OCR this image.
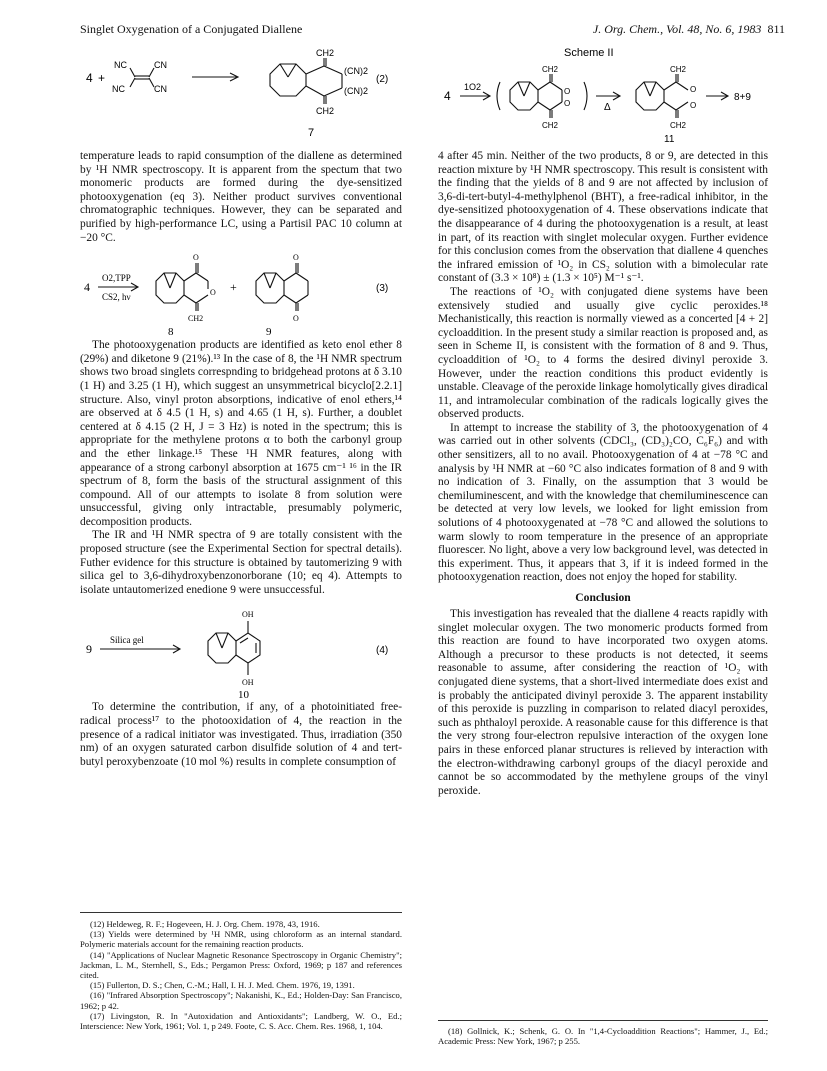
Singlet Oxygenation of a Conjugated Diallene	J. Org. Chem., Vol. 48, No. 6, 1983 811
4 +
NC	CN
NC	CN
CH2
(CN)2
(CN)2
CH2
(2)
7
Scheme II
4
1O2
CH2
O
O
CH2
Δ
CH2
O
O
CH2
8+9
11

temperature leads to rapid consumption of the diallene as determined by ¹H NMR spectroscopy. It is apparent from the spectum that two monomeric products are formed during the dye-sensitized photooxygenation (eq 3). Neither product survives conventional chromatographic techniques. However, they can be separated and purified by high-performance LC, using a Partisil PAC 10 column at −20 °C.

4
O2,TPP
CS2, hν
O
O
CH2
+
O
O
8	9
(3)

The photooxygenation products are identified as keto enol ether 8 (29%) and diketone 9 (21%).¹³ In the case of 8, the ¹H NMR spectrum shows two broad singlets correspnding to bridgehead protons at δ 3.10 (1 H) and 3.25 (1 H), which suggest an unsymmetrical bicyclo[2.2.1] structure. Also, vinyl proton absorptions, indicative of enol ethers,¹⁴ are observed at δ 4.5 (1 H, s) and 4.65 (1 H, s). Further, a doublet centered at δ 4.15 (2 H, J = 3 Hz) is noted in the spectrum; this is appropriate for the methylene protons α to both the carbonyl group and the ether linkage.¹⁵ These ¹H NMR features, along with appearance of a strong carbonyl absorption at 1675 cm⁻¹ ¹⁶ in the IR spectrum of 8, form the basis of the structural assignment of this compound. All of our attempts to isolate 8 from solution were unsuccessful, giving only intractable, presumably polymeric, decomposition products.

The IR and ¹H NMR spectra of 9 are totally consistent with the proposed structure (see the Experimental Section for spectral details). Futher evidence for this structure is obtained by tautomerizing 9 with silica gel to 3,6-dihydroxybenzonorborane (10; eq 4). Attempts to isolate untautomerized enedione 9 were unsuccessful.

9
Silica gel
OH
OH
(4)
10

To determine the contribution, if any, of a photoinitiated free-radical process¹⁷ to the photooxidation of 4, the reaction in the presence of a radical initiator was investigated. Thus, irradiation (350 nm) of an oxygen saturated carbon disulfide solution of 4 and tert-butyl peroxybenzoate (10 mol %) results in complete consumption of

(12) Heldeweg, R. F.; Hogeveen, H. J. Org. Chem. 1978, 43, 1916.

(13) Yields were determined by ¹H NMR, using chloroform as an internal standard. Polymeric materials account for the remaining reaction products.

(14) "Applications of Nuclear Magnetic Resonance Spectroscopy in Organic Chemistry"; Jackman, L. M., Sternhell, S., Eds.; Pergamon Press: Oxford, 1969; p 187 and references cited.

(15) Fullerton, D. S.; Chen, C.-M.; Hall, I. H. J. Med. Chem. 1976, 19, 1391.

(16) "Infrared Absorption Spectroscopy"; Nakanishi, K., Ed.; Holden-Day: San Francisco, 1962; p 42.

(17) Livingston, R. In "Autoxidation and Antioxidants"; Landberg, W. O., Ed.; Interscience: New York, 1961; Vol. 1, p 249. Foote, C. S. Acc. Chem. Res. 1968, 1, 104.

4 after 45 min. Neither of the two products, 8 or 9, are detected in this reaction mixture by ¹H NMR spectroscopy. This result is consistent with the finding that the yields of 8 and 9 are not affected by inclusion of 3,6-di-tert-butyl-4-methylphenol (BHT), a free-radical inhibitor, in the dye-sensitized photooxygenation of 4. These observations indicate that the disappearance of 4 during the photooxygenation is a result, at least in part, of its reaction with singlet molecular oxygen. Further evidence for this conclusion comes from the observation that diallene 4 quenches the infrared emission of ¹O₂ in CS₂ solution with a bimolecular rate constant of (3.3 × 10⁸) ± (1.3 × 10⁵) M⁻¹ s⁻¹.

The reactions of ¹O₂ with conjugated diene systems have been extensively studied and usually give cyclic peroxides.¹⁸ Mechanistically, this reaction is normally viewed as a concerted [4 + 2] cycloaddition. In the present study a similar reaction is proposed and, as seen in Scheme II, is consistent with the formation of 8 and 9. Thus, cycloaddition of ¹O₂ to 4 forms the desired divinyl peroxide 3. However, under the reaction conditions this product evidently is unstable. Cleavage of the peroxide linkage homolytically gives diradical 11, and intramolecular combination of the radicals logically gives the observed products.

In attempt to increase the stability of 3, the photooxygenation of 4 was carried out in other solvents (CDCl₃, (CD₃)₂CO, C₆F₆) and with other sensitizers, all to no avail. Photooxygenation of 4 at −78 °C and analysis by ¹H NMR at −60 °C also indicates formation of 8 and 9 with no indication of 3. Finally, on the assumption that 3 would be chemiluminescent, and with the knowledge that chemiluminescence can be detected at very low levels, we looked for light emission from solutions of 4 photooxygenated at −78 °C and allowed the solutions to warm slowly to room temperature in the presence of an appropriate fluorescer. No light, above a very low background level, was detected in this experiment. Thus, it appears that 3, if it is indeed formed in the photooxygenation reaction, does not enjoy the hoped for stability.

Conclusion

This investigation has revealed that the diallene 4 reacts rapidly with singlet molecular oxygen. The two monomeric products formed from this reaction are found to have incorporated two oxygen atoms. Although a precursor to these products is not detected, it seems reasonable to assume, after considering the reaction of ¹O₂ with conjugated diene systems, that a short-lived intermediate does exist and is probably the anticipated divinyl peroxide 3. The apparent instability of this peroxide is puzzling in comparison to related diacyl peroxides, such as phthaloyl peroxide. A reasonable cause for this difference is that the very strong four-electron repulsive interaction of the oxygen lone pairs in these enforced planar structures is relieved by interaction with the electron-withdrawing carbonyl groups of the diacyl peroxide and cannot be so accommodated by the methylene groups of the vinyl peroxide.

(18) Gollnick, K.; Schenk, G. O. In "1,4-Cycloaddition Reactions"; Hammer, J., Ed.; Academic Press: New York, 1967; p 255.
